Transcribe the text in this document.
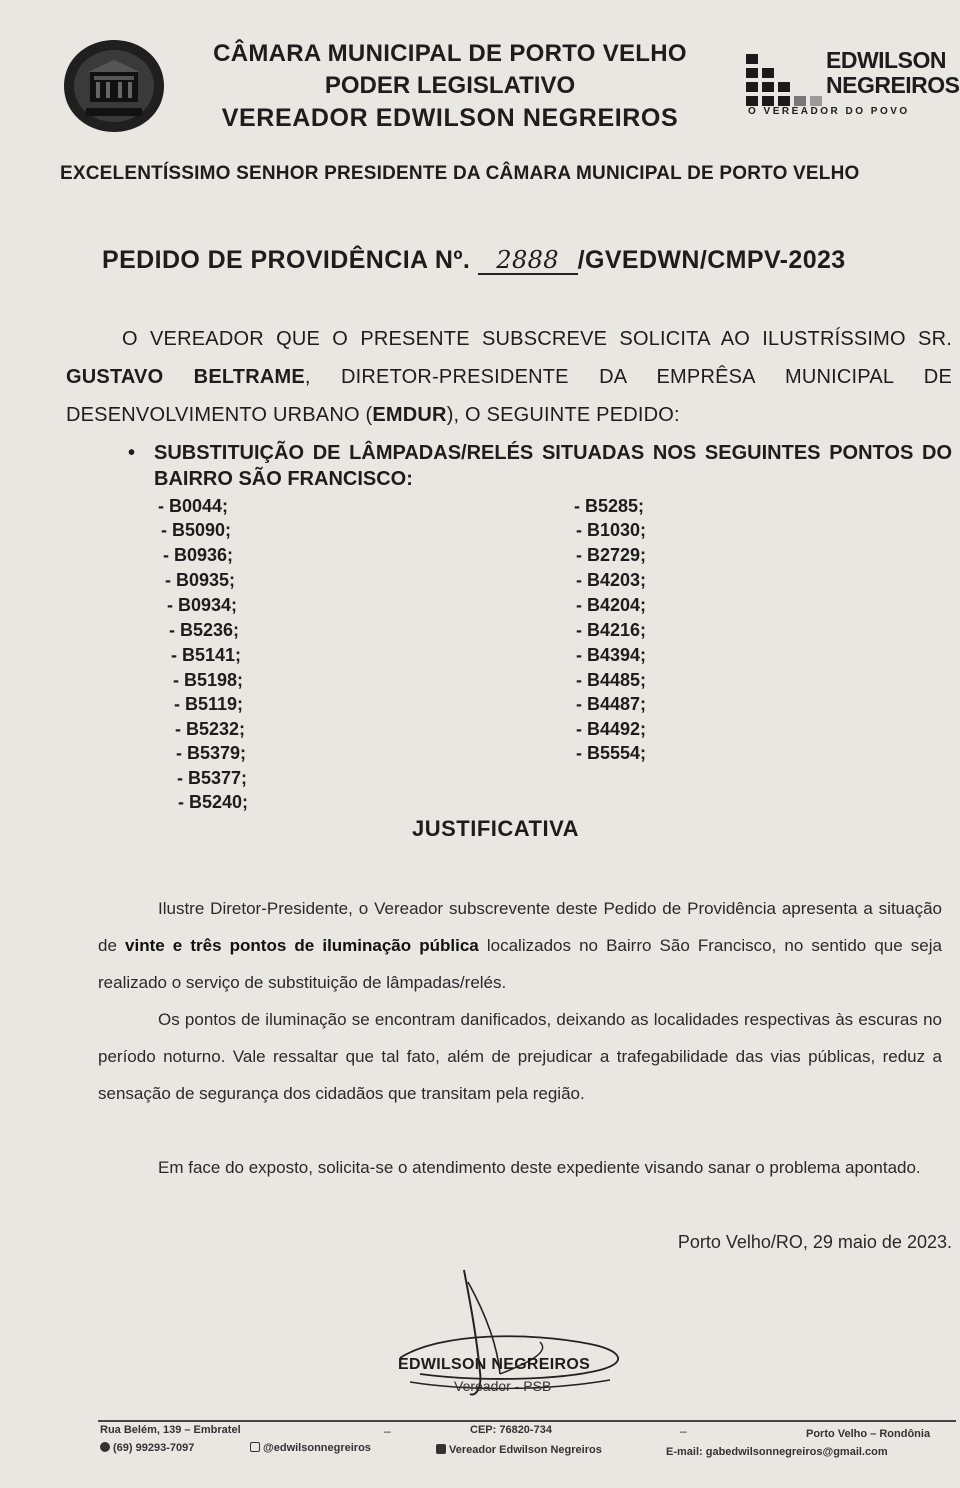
CÂMARA MUNICIPAL DE PORTO VELHO
PODER LEGISLATIVO
VEREADOR EDWILSON NEGREIROS
EDWILSON
NEGREIROS
O VEREADOR DO POVO
EXCELENTÍSSIMO SENHOR PRESIDENTE DA CÂMARA MUNICIPAL DE PORTO VELHO
PEDIDO DE PROVIDÊNCIA Nº. 2888 /GVEDWN/CMPV-2023
O VEREADOR QUE O PRESENTE SUBSCREVE SOLICITA AO ILUSTRÍSSIMO SR. GUSTAVO BELTRAME, DIRETOR-PRESIDENTE DA EMPRÊSA MUNICIPAL DE DESENVOLVIMENTO URBANO (EMDUR), O SEGUINTE PEDIDO:
• SUBSTITUIÇÃO DE LÂMPADAS/RELÉS SITUADAS NOS SEGUINTES PONTOS DO BAIRRO SÃO FRANCISCO:
- B0044;
- B5090;
- B0936;
- B0935;
- B0934;
- B5236;
- B5141;
- B5198;
- B5119;
- B5232;
- B5379;
- B5377;
- B5240;
- B5285;
- B1030;
- B2729;
- B4203;
- B4204;
- B4216;
- B4394;
- B4485;
- B4487;
- B4492;
- B5554;
JUSTIFICATIVA
Ilustre Diretor-Presidente, o Vereador subscrevente deste Pedido de Providência apresenta a situação de vinte e três pontos de iluminação pública localizados no Bairro São Francisco, no sentido que seja realizado o serviço de substituição de lâmpadas/relés.
Os pontos de iluminação se encontram danificados, deixando as localidades respectivas às escuras no período noturno. Vale ressaltar que tal fato, além de prejudicar a trafegabilidade das vias públicas, reduz a sensação de segurança dos cidadãos que transitam pela região.
Em face do exposto, solicita-se o atendimento deste expediente visando sanar o problema apontado.
Porto Velho/RO, 29 maio de 2023.
EDWILSON NEGREIROS
Vereador - PSB
Rua Belém, 139 – Embratel	–	CEP: 76820-734	–	Porto Velho – Rondônia
(69) 99293-7097	@edwilsonnegreiros	Vereador Edwilson Negreiros	E-mail: gabedwilsonnegreiros@gmail.com
